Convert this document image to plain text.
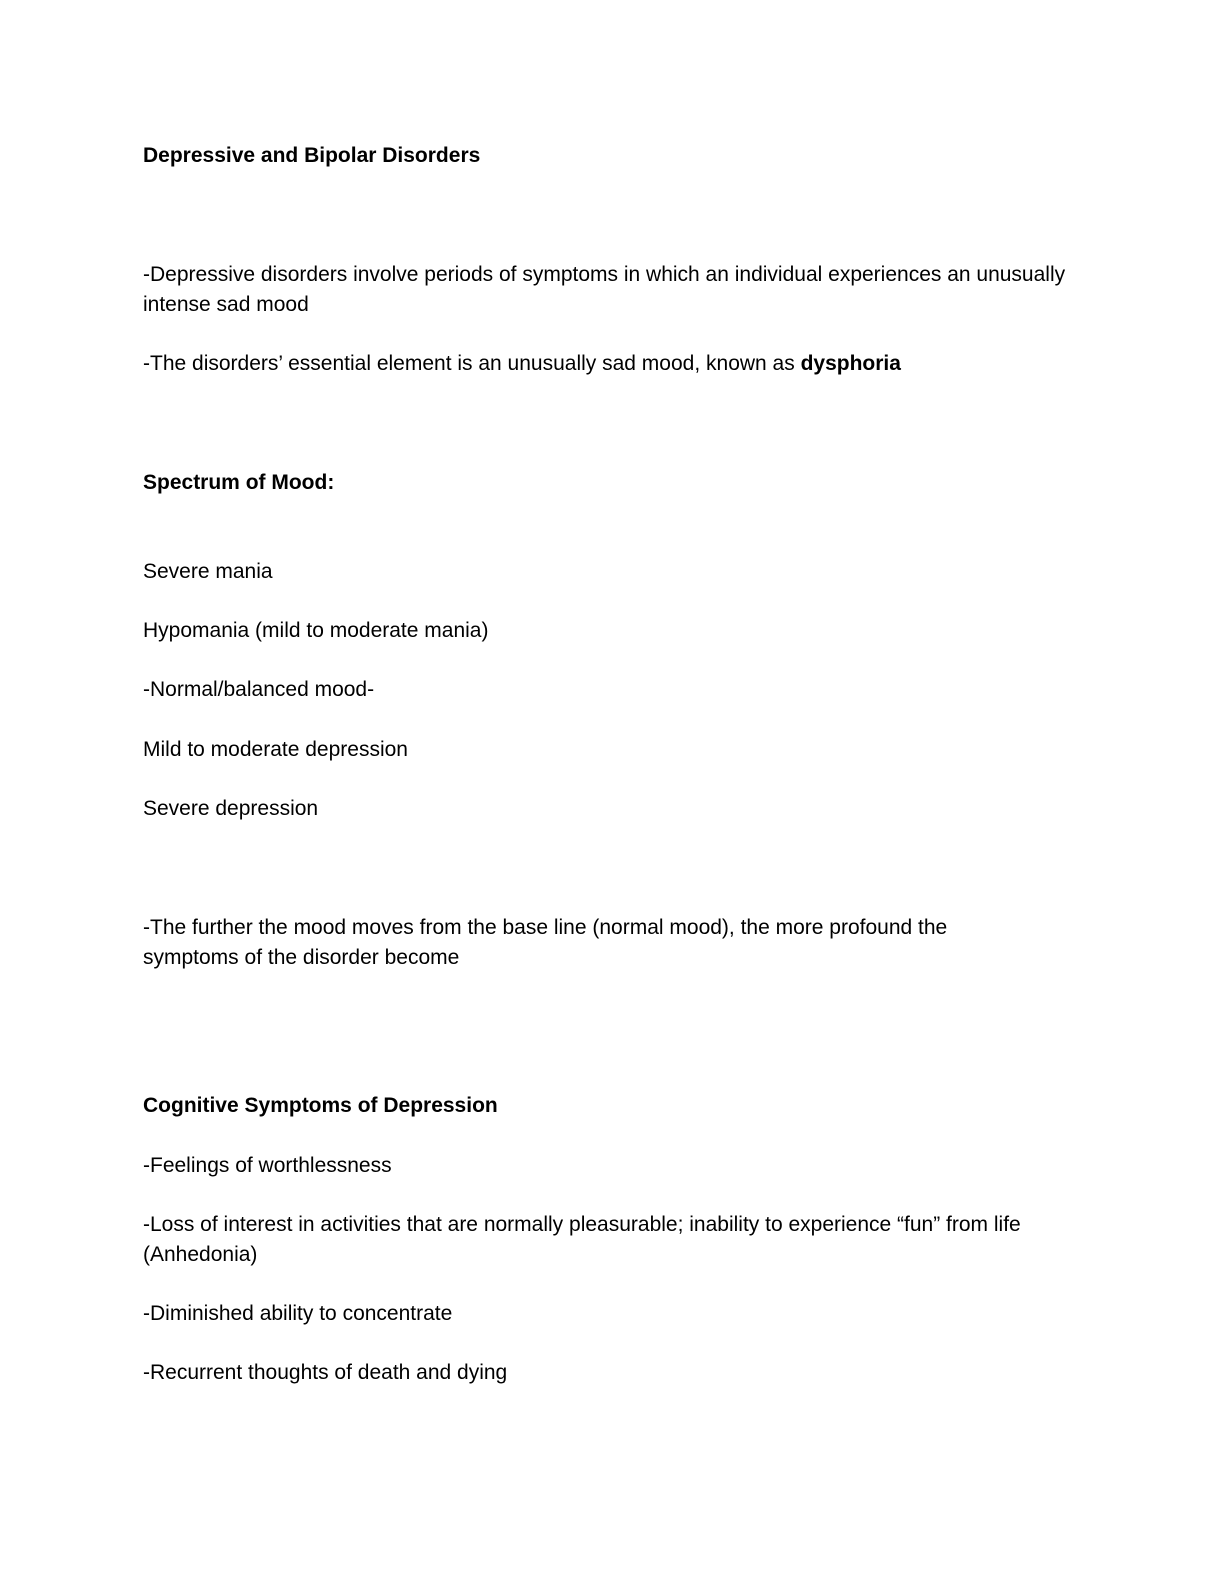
Depressive and Bipolar Disorders

-Depressive disorders involve periods of symptoms in which an individual experiences an unusually intense sad mood

-The disorders’ essential element is an unusually sad mood, known as dysphoria

Spectrum of Mood:

Severe mania

Hypomania (mild to moderate mania)

-Normal/balanced mood-

Mild to moderate depression

Severe depression

-The further the mood moves from the base line (normal mood), the more profound the symptoms of the disorder become

Cognitive Symptoms of Depression

-Feelings of worthlessness

-Loss of interest in activities that are normally pleasurable; inability to experience “fun” from life (Anhedonia)

-Diminished ability to concentrate

-Recurrent thoughts of death and dying
